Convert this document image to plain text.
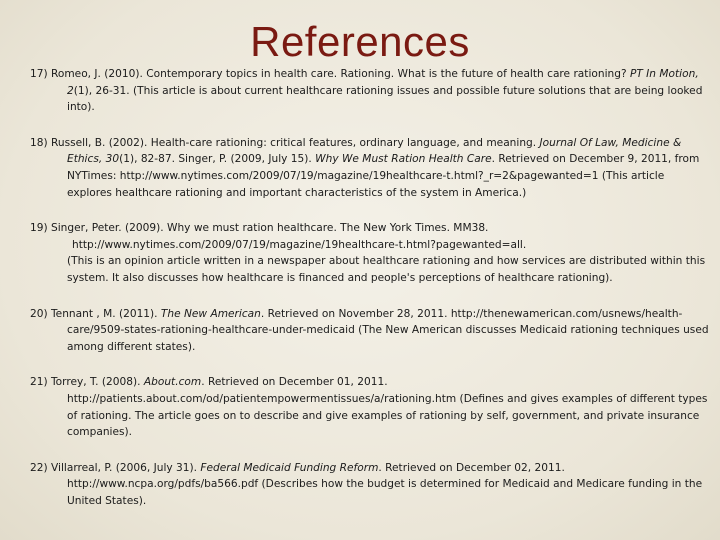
References
17) Romeo, J. (2010). Contemporary topics in health care. Rationing. What is the future of health care rationing? PT In Motion, 2(1), 26-31. (This article is about current healthcare rationing issues and possible future solutions that are being looked into).
18) Russell, B. (2002). Health-care rationing: critical features, ordinary language, and meaning. Journal Of Law, Medicine & Ethics, 30(1), 82-87. Singer, P. (2009, July 15). Why We Must Ration Health Care. Retrieved on December 9, 2011, from NYTimes: http://www.nytimes.com/2009/07/19/magazine/19healthcare-t.html?_r=2&pagewanted=1 (This article explores healthcare rationing and important characteristics of the system in America.)
19) Singer, Peter. (2009). Why we must ration healthcare. The New York Times. MM38.
http://www.nytimes.com/2009/07/19/magazine/19healthcare-t.html?pagewanted=all.
(This is an opinion article written in a newspaper about healthcare rationing and how services are distributed within this system. It also discusses how healthcare is financed and people's perceptions of healthcare rationing).
20) Tennant , M. (2011). The New American. Retrieved on November 28, 2011. http://thenewamerican.com/usnews/health-care/9509-states-rationing-healthcare-under-medicaid (The New American discusses Medicaid rationing techniques used among different states).
21) Torrey, T. (2008). About.com. Retrieved on December 01, 2011. http://patients.about.com/od/patientempowermentissues/a/rationing.htm (Defines and gives examples of different types of rationing. The article goes on to describe and give examples of rationing by self, government, and private insurance companies).
22) Villarreal, P. (2006, July 31). Federal Medicaid Funding Reform. Retrieved on December 02, 2011. http://www.ncpa.org/pdfs/ba566.pdf (Describes how the budget is determined for Medicaid and Medicare funding in the United States).
